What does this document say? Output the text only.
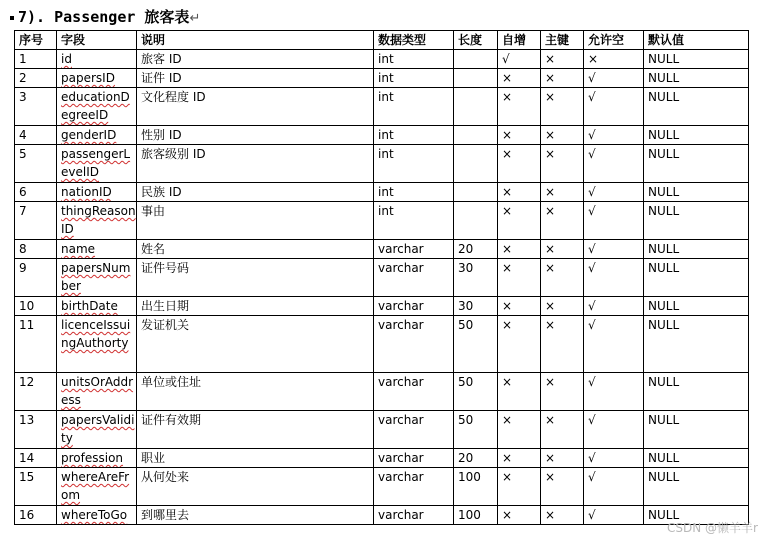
7). Passenger 旅客表↵
序号	字段	说明	数据类型	长度	自增	主键	允许空	默认值
1	id	旅客 ID	int		√	×	×	NULL
2	papersID	证件 ID	int		×	×	√	NULL
3	educationDegreeID	文化程度 ID	int		×	×	√	NULL
4	genderID	性别 ID	int		×	×	√	NULL
5	passengerLevelID	旅客级别 ID	int		×	×	√	NULL
6	nationID	民族 ID	int		×	×	√	NULL
7	thingReasonID	事由	int		×	×	√	NULL
8	name	姓名	varchar	20	×	×	√	NULL
9	papersNumber	证件号码	varchar	30	×	×	√	NULL
10	birthDate	出生日期	varchar	30	×	×	√	NULL
11	licenceIssuingAuthorty	发证机关	varchar	50	×	×	√	NULL
12	unitsOrAddress	单位或住址	varchar	50	×	×	√	NULL
13	papersValidity	证件有效期	varchar	50	×	×	√	NULL
14	profession	职业	varchar	20	×	×	√	NULL
15	whereAreFrom	从何处来	varchar	100	×	×	√	NULL
16	whereToGo	到哪里去	varchar	100	×	×	√	NULL
CSDN @懒羊羊r
